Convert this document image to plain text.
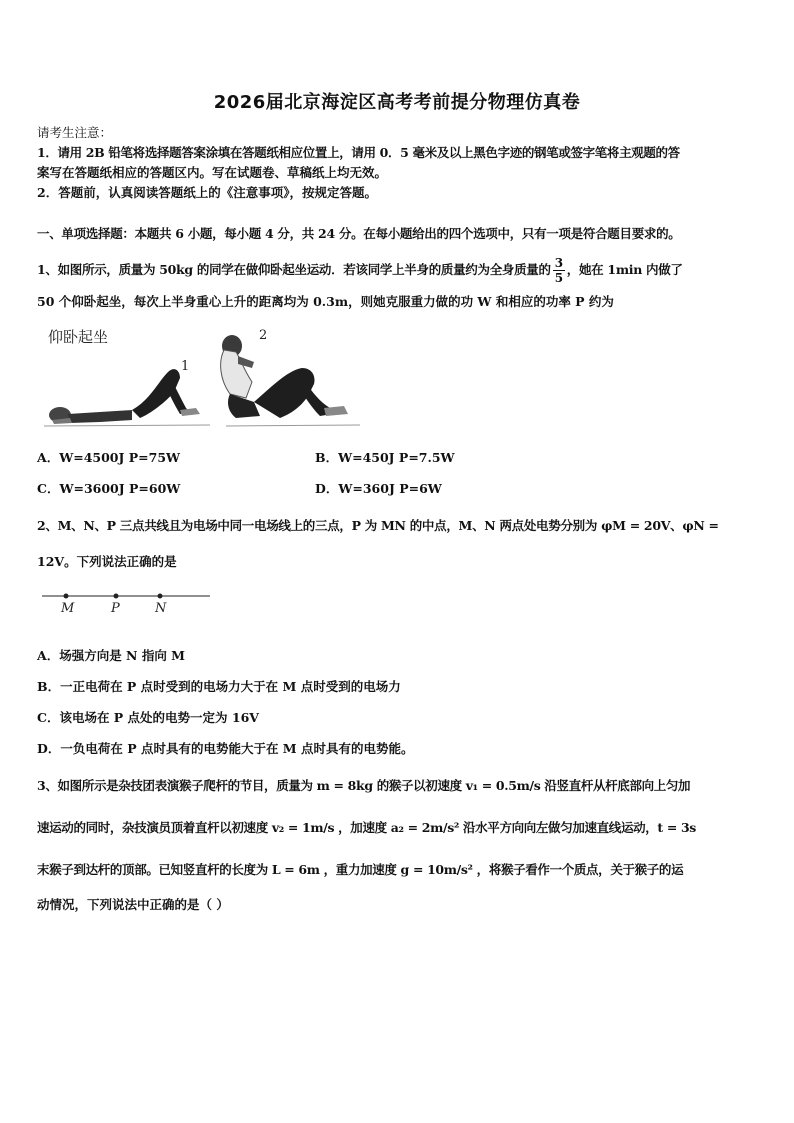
2026届北京海淀区高考考前提分物理仿真卷
请考生注意：
1．请用 2B 铅笔将选择题答案涂填在答题纸相应位置上，请用 0．5 毫米及以上黑色字迹的钢笔或签字笔将主观题的答
案写在答题纸相应的答题区内。写在试题卷、草稿纸上均无效。
2．答题前，认真阅读答题纸上的《注意事项》，按规定答题。
一、单项选择题：本题共 6 小题，每小题 4 分，共 24 分。在每小题给出的四个选项中，只有一项是符合题目要求的。
1、如图所示，质量为 50kg 的同学在做仰卧起坐运动．若该同学上半身的质量约为全身质量的 $\frac{3}{5}$ ，她在 1min 内做了
50 个仰卧起坐，每次上半身重心上升的距离均为 0.3m，则她克服重力做的功 W 和相应的功率 P 约为
仰卧起坐
1
2
A．W=4500J P=75W	B．W=450J P=7.5W
C．W=3600J P=60W	D．W=360J P=6W
2、M、N、P 三点共线且为电场中同一电场线上的三点，P 为 MN 的中点，M、N 两点处电势分别为 φM = 20V、φN =
12V。下列说法正确的是
M	P	N
A．场强方向是 N 指向 M
B．一正电荷在 P 点时受到的电场力大于在 M 点时受到的电场力
C．该电场在 P 点处的电势一定为 16V
D．一负电荷在 P 点时具有的电势能大于在 M 点时具有的电势能。
3、如图所示是杂技团表演猴子爬杆的节目，质量为 m = 8kg 的猴子以初速度 v₁ = 0.5m/s 沿竖直杆从杆底部向上匀加
速运动的同时，杂技演员顶着直杆以初速度 v₂ = 1m/s ，加速度 a₂ = 2m/s² 沿水平方向向左做匀加速直线运动，t = 3s
末猴子到达杆的顶部。已知竖直杆的长度为 L = 6m ，重力加速度 g = 10m/s² ，将猴子看作一个质点，关于猴子的运
动情况，下列说法中正确的是（ ）
